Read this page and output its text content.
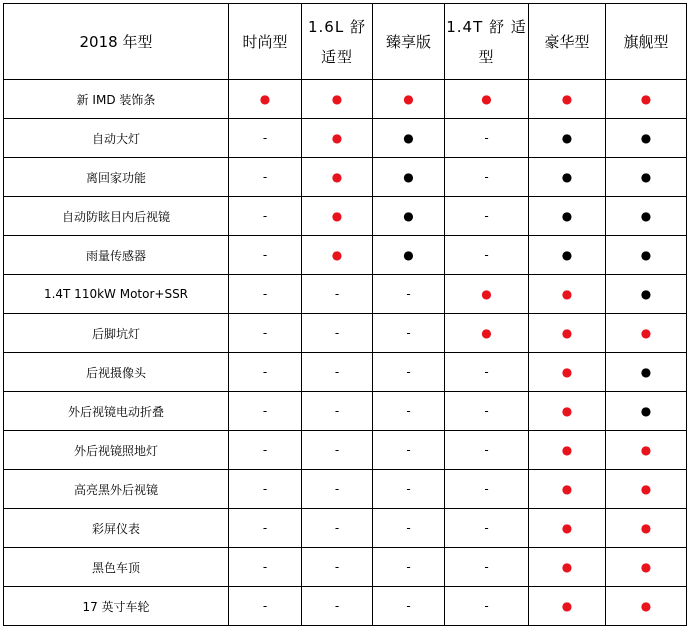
2018 年型	时尚型	1.6L 舒适型	臻享版	1.4T 舒 适型	豪华型	旗舰型
新 IMD 装饰条	●	●	●	●	●	●
自动大灯	-	●	●	-	●	●
离回家功能	-	●	●	-	●	●
自动防眩目内后视镜	-	●	●	-	●	●
雨量传感器	-	●	●	-	●	●
1.4T 110kW Motor+SSR	-	-	-	●	●	●
后脚坑灯	-	-	-	●	●	●
后视摄像头	-	-	-	-	●	●
外后视镜电动折叠	-	-	-	-	●	●
外后视镜照地灯	-	-	-	-	●	●
高亮黑外后视镜	-	-	-	-	●	●
彩屏仪表	-	-	-	-	●	●
黑色车顶	-	-	-	-	●	●
17 英寸车轮	-	-	-	-	●	●
